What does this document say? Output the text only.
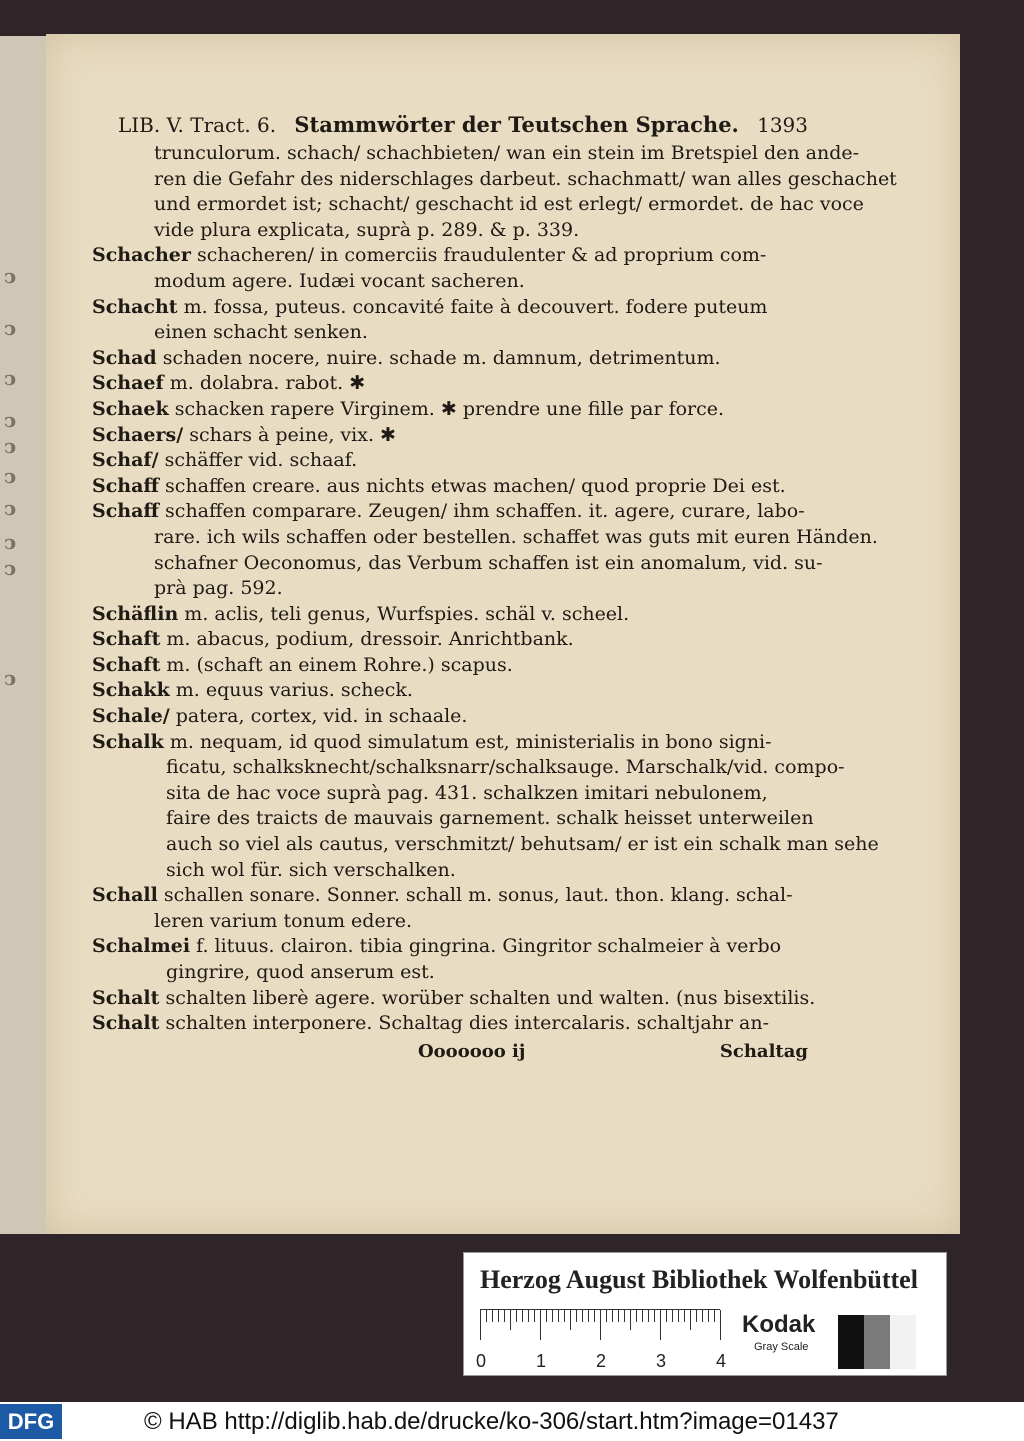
ↄ
ↄ
ↄ
ↄ
ↄ
ↄ
ↄ
ↄ
ↄ
ↄ
LIB. V. Tract. 6. Stammwörter der Teutschen Sprache. 1393
trunculorum. schach/ schachbieten/ wan ein stein im Bretspiel den ande-
ren die Gefahr des niderschlages darbeut. schachmatt/ wan alles geschachet
und ermordet ist; schacht/ geschacht id est erlegt/ ermordet. de hac voce
vide plura explicata, suprà p. 289. & p. 339.
Schacher schacheren/ in comerciis fraudulenter & ad proprium com-
modum agere. Iudæi vocant sacheren.
Schacht m. fossa, puteus. concavité faite à decouvert. fodere puteum
einen schacht senken.
Schad schaden nocere, nuire. schade m. damnum, detrimentum.
Schaef m. dolabra. rabot. ✱
Schaek schacken rapere Virginem. ✱ prendre une fille par force.
Schaers/ schars à peine, vix. ✱
Schaf/ schäffer vid. schaaf.
Schaff schaffen creare. aus nichts etwas machen/ quod proprie Dei est.
Schaff schaffen comparare. Zeugen/ ihm schaffen. it. agere, curare, labo-
rare. ich wils schaffen oder bestellen. schaffet was guts mit euren Händen.
schafner Oeconomus, das Verbum schaffen ist ein anomalum, vid. su-
prà pag. 592.
Schäflin m. aclis, teli genus, Wurfspies. schäl v. scheel.
Schaft m. abacus, podium, dressoir. Anrichtbank.
Schaft m. (schaft an einem Rohre.) scapus.
Schakk m. equus varius. scheck.
Schale/ patera, cortex, vid. in schaale.
Schalk m. nequam, id quod simulatum est, ministerialis in bono signi-
ficatu, schalksknecht/schalksnarr/schalksauge. Marschalk/vid. compo-
sita de hac voce suprà pag. 431. schalkzen imitari nebulonem,
faire des traicts de mauvais garnement. schalk heisset unterweilen
auch so viel als cautus, verschmitzt/ behutsam/ er ist ein schalk man sehe
sich wol für. sich verschalken.
Schall schallen sonare. Sonner. schall m. sonus, laut. thon. klang. schal-
leren varium tonum edere.
Schalmei f. lituus. clairon. tibia gingrina. Gingritor schalmeier à verbo
gingrire, quod anserum est.
Schalt schalten liberè agere. worüber schalten und walten. (nus bisextilis.
Schalt schalten interponere. Schaltag dies intercalaris. schaltjahr an-
Ooooooo ij	Schaltag
Herzog August Bibliothek Wolfenbüttel
0	1	2	3	4
Kodak
Gray Scale
DFG	© HAB http://diglib.hab.de/drucke/ko-306/start.htm?image=01437
